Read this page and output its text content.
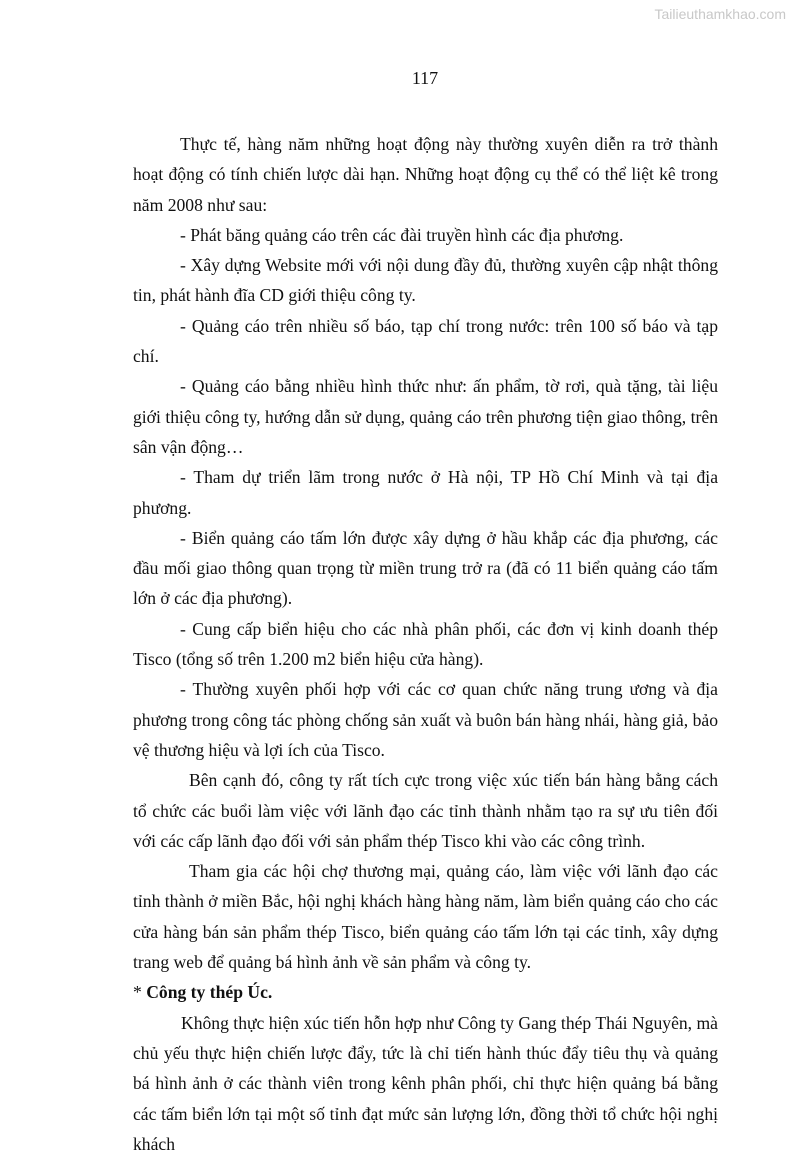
Tailieuthamkhao.com
117

Thực tế, hàng năm những hoạt động này thường xuyên diễn ra trở thành hoạt động có tính chiến lược dài hạn. Những hoạt động cụ thể có thể liệt kê trong năm 2008 như sau:

- Phát băng quảng cáo trên các đài truyền hình các địa phương.

- Xây dựng Website mới với nội dung đầy đủ, thường xuyên cập nhật thông tin, phát hành đĩa CD giới thiệu công ty.

- Quảng cáo trên nhiều số báo, tạp chí trong nước: trên 100 số báo và tạp chí.

- Quảng cáo bằng nhiều hình thức như: ấn phẩm, tờ rơi, quà tặng, tài liệu giới thiệu công ty, hướng dẫn sử dụng, quảng cáo trên phương tiện giao thông, trên sân vận động…

- Tham dự triển lãm trong nước ở Hà nội, TP Hồ Chí Minh và tại địa phương.

- Biển quảng cáo tấm lớn được xây dựng ở hầu khắp các địa phương, các đầu mối giao thông quan trọng từ miền trung trở ra (đã có 11 biển quảng cáo tấm lớn ở các địa phương).

- Cung cấp biển hiệu cho các nhà phân phối, các đơn vị kinh doanh thép Tisco (tổng số trên 1.200 m2 biển hiệu cửa hàng).

- Thường xuyên phối hợp với các cơ quan chức năng trung ương và địa phương trong công tác phòng chống sản xuất và buôn bán hàng nhái, hàng giả, bảo vệ thương hiệu và lợi ích của Tisco.

Bên cạnh đó, công ty rất tích cực trong việc xúc tiến bán hàng bằng cách tổ chức các buổi làm việc với lãnh đạo các tỉnh thành nhằm tạo ra sự ưu tiên đối với các cấp lãnh đạo đối với sản phẩm thép Tisco khi vào các công trình.

Tham gia các hội chợ thương mại, quảng cáo, làm việc với lãnh đạo các tỉnh thành ở miền Bắc, hội nghị khách hàng hàng năm, làm biển quảng cáo cho các cửa hàng bán sản phẩm thép Tisco, biển quảng cáo tấm lớn tại các tỉnh, xây dựng trang web để quảng bá hình ảnh về sản phẩm và công ty.

* Công ty thép Úc.

Không thực hiện xúc tiến hỗn hợp như Công ty Gang thép Thái Nguyên, mà chủ yếu thực hiện chiến lược đẩy, tức là chỉ tiến hành thúc đẩy tiêu thụ và quảng bá hình ảnh ở các thành viên trong kênh phân phối, chỉ thực hiện quảng bá bằng các tấm biển lớn tại một số tỉnh đạt mức sản lượng lớn, đồng thời tổ chức hội nghị khách
